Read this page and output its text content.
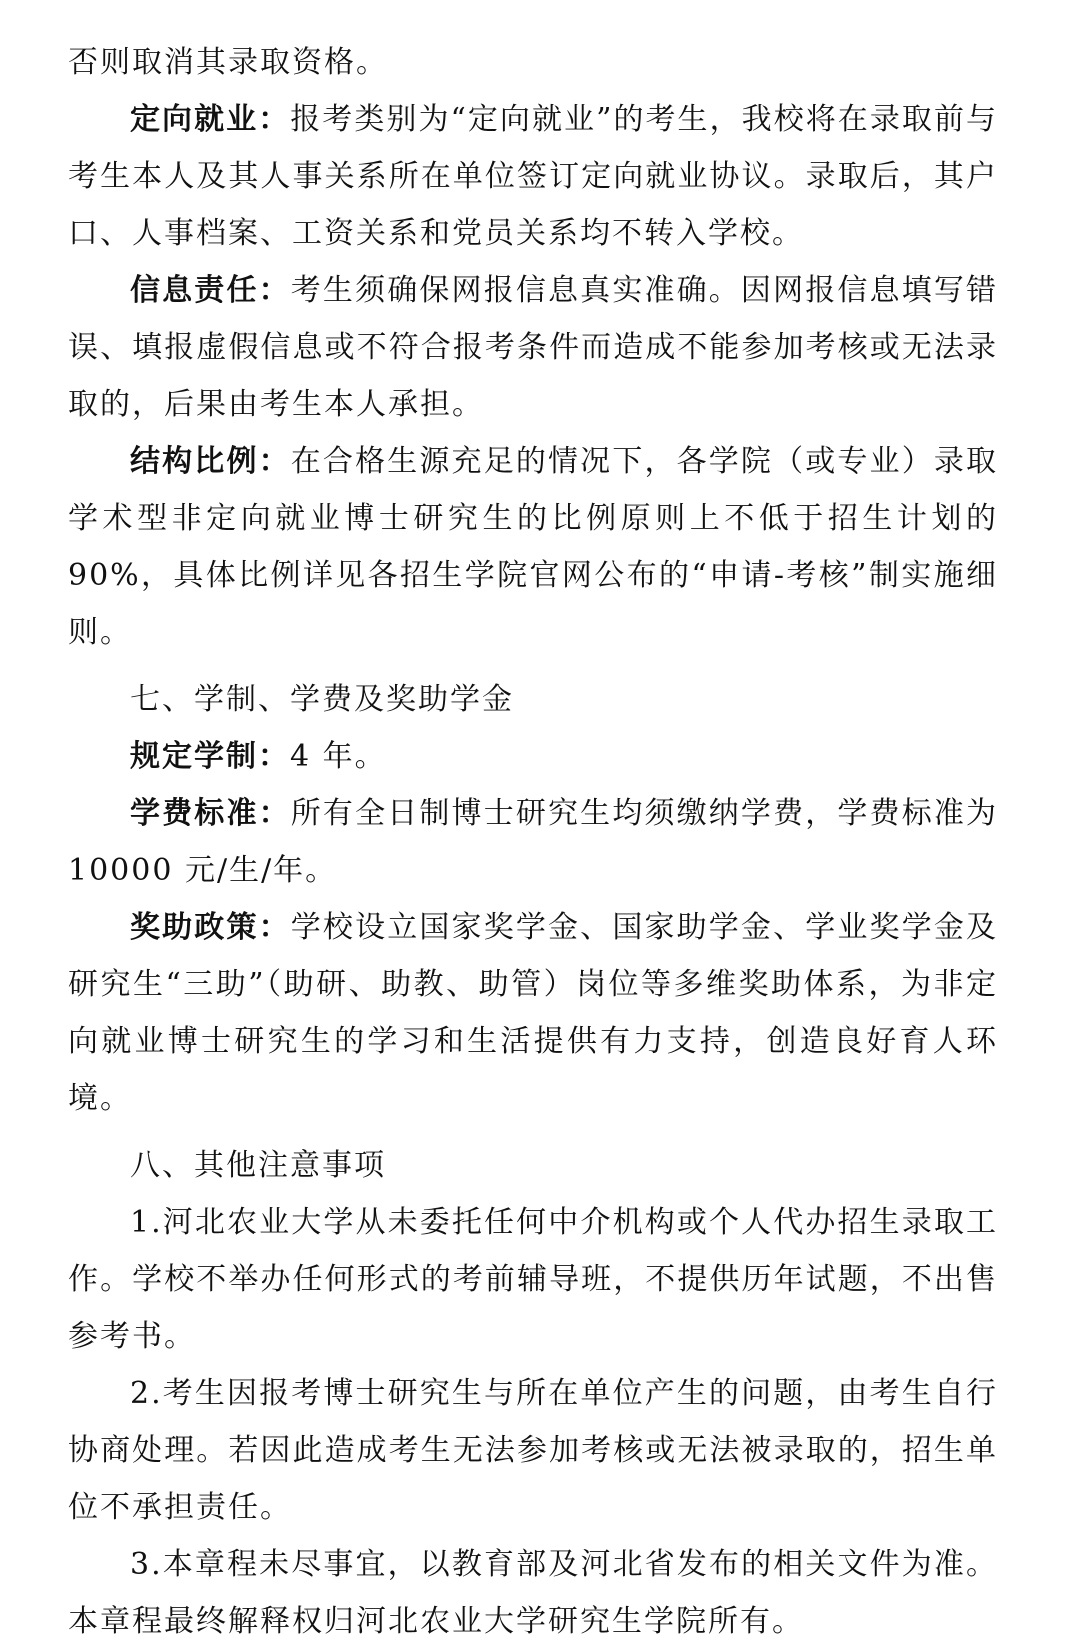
否则取消其录取资格。

定向就业：报考类别为“定向就业”的考生，我校将在录取前与考生本人及其人事关系所在单位签订定向就业协议。录取后，其户口、人事档案、工资关系和党员关系均不转入学校。

信息责任：考生须确保网报信息真实准确。因网报信息填写错误、填报虚假信息或不符合报考条件而造成不能参加考核或无法录取的，后果由考生本人承担。

结构比例：在合格生源充足的情况下，各学院（或专业）录取学术型非定向就业博士研究生的比例原则上不低于招生计划的90%，具体比例详见各招生学院官网公布的“申请-考核”制实施细则。

七、学制、学费及奖助学金

规定学制：4 年。

学费标准：所有全日制博士研究生均须缴纳学费，学费标准为10000 元/生/年。

奖助政策：学校设立国家奖学金、国家助学金、学业奖学金及研究生“三助”（助研、助教、助管）岗位等多维奖助体系，为非定向就业博士研究生的学习和生活提供有力支持，创造良好育人环境。

八、其他注意事项

1.河北农业大学从未委托任何中介机构或个人代办招生录取工作。学校不举办任何形式的考前辅导班，不提供历年试题，不出售参考书。

2.考生因报考博士研究生与所在单位产生的问题，由考生自行协商处理。若因此造成考生无法参加考核或无法被录取的，招生单位不承担责任。

3.本章程未尽事宜，以教育部及河北省发布的相关文件为准。本章程最终解释权归河北农业大学研究生学院所有。
